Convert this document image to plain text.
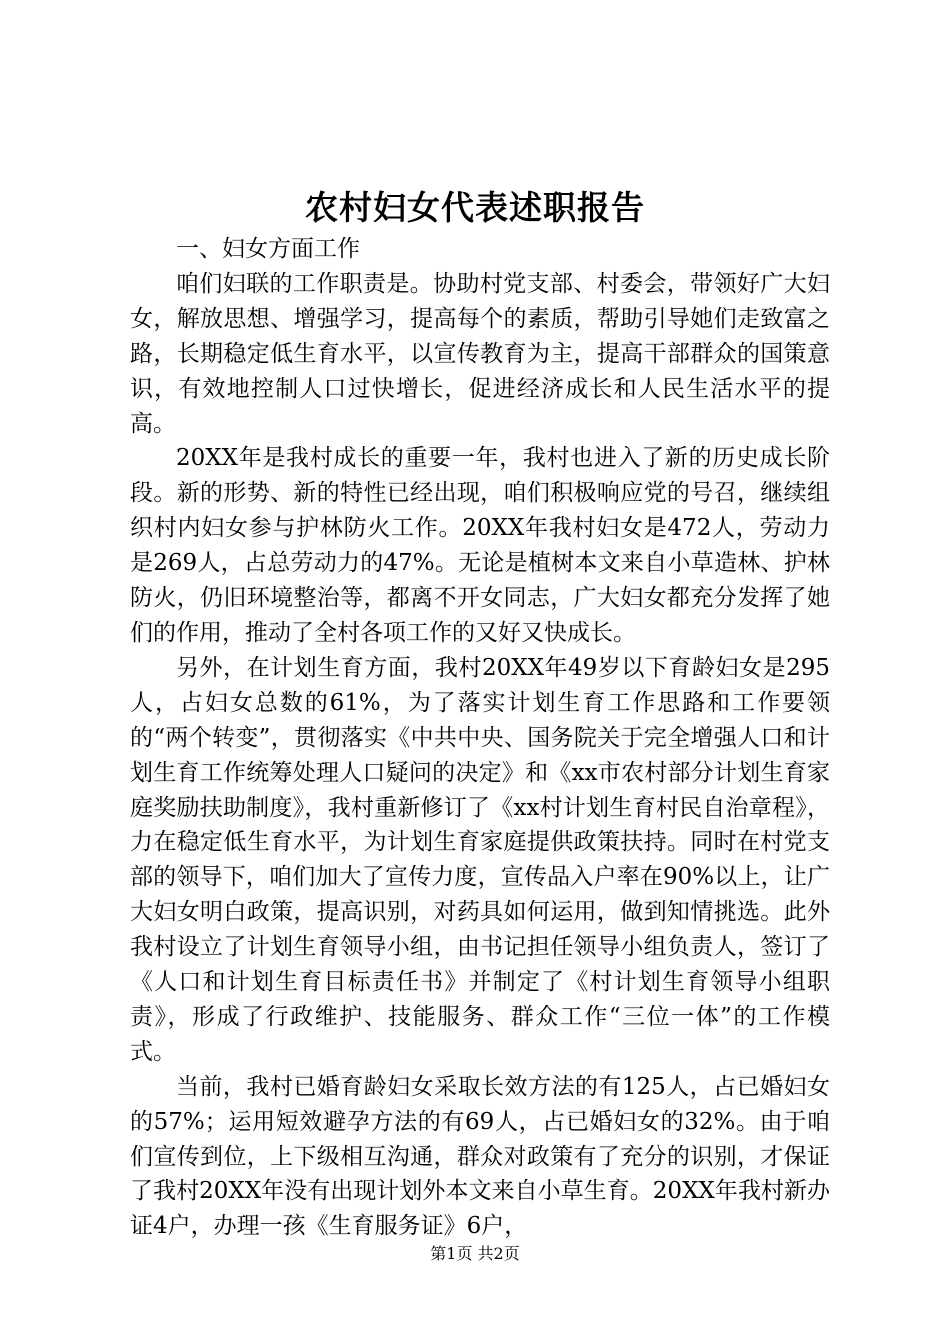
农村妇女代表述职报告

一、妇女方面工作

咱们妇联的工作职责是。协助村党支部、村委会，带领好广大妇女，解放思想、增强学习，提高每个的素质，帮助引导她们走致富之路，长期稳定低生育水平，以宣传教育为主，提高干部群众的国策意识，有效地控制人口过快增长，促进经济成长和人民生活水平的提高。

20XX年是我村成长的重要一年，我村也进入了新的历史成长阶段。新的形势、新的特性已经出现，咱们积极响应党的号召，继续组织村内妇女参与护林防火工作。20XX年我村妇女是472人，劳动力是269人，占总劳动力的47%。无论是植树本文来自小草造林、护林防火，仍旧环境整治等，都离不开女同志，广大妇女都充分发挥了她们的作用，推动了全村各项工作的又好又快成长。

另外，在计划生育方面，我村20XX年49岁以下育龄妇女是295人，占妇女总数的61%，为了落实计划生育工作思路和工作要领的“两个转变”，贯彻落实《中共中央、国务院关于完全增强人口和计划生育工作统筹处理人口疑问的决定》和《xx市农村部分计划生育家庭奖励扶助制度》，我村重新修订了《xx村计划生育村民自治章程》，力在稳定低生育水平，为计划生育家庭提供政策扶持。同时在村党支部的领导下，咱们加大了宣传力度，宣传品入户率在90%以上，让广大妇女明白政策，提高识别，对药具如何运用，做到知情挑选。此外我村设立了计划生育领导小组，由书记担任领导小组负责人，签订了《人口和计划生育目标责任书》并制定了《村计划生育领导小组职责》，形成了行政维护、技能服务、群众工作“三位一体”的工作模式。

当前，我村已婚育龄妇女采取长效方法的有125人，占已婚妇女的57%；运用短效避孕方法的有69人，占已婚妇女的32%。由于咱们宣传到位，上下级相互沟通，群众对政策有了充分的识别，才保证了我村20XX年没有出现计划外本文来自小草生育。20XX年我村新办证4户，办理一孩《生育服务证》6户，

第1页 共2页
